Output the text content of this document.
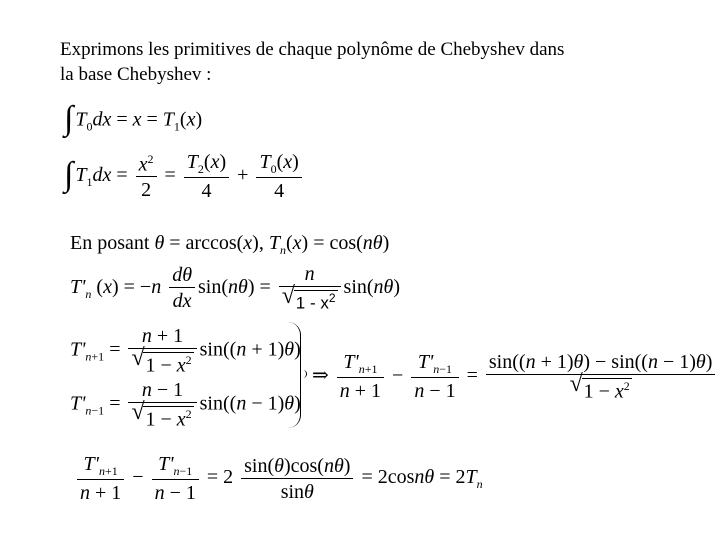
Exprimons les primitives de chaque polynôme de Chebyshev dans
la base Chebyshev :
∫ $T_0dx = x = T_1(x)$
∫ $T_1dx = \frac{x^2}{2} = \frac{T_2(x)}{4} + \frac{T_0(x)}{4}$
En posant θ = arccos(x), $T_n(x) = \cos(n\theta)$
$T'_n$ $(x) = -n \frac{d\theta}{dx} \sin(n\theta) = \frac{n}{√ 1 - x^2} \sin(n\theta)$
$T'_{n+1} = \frac{n + 1}{√ 1 - x^2} \sin((n + 1)\theta)$
$T'_{n-1} = \frac{n - 1}{√ 1 - x^2} \sin((n - 1)\theta)$
⇒ $\frac{T'_{n+1}}{n + 1} - \frac{T'_{n-1}}{n - 1} = \frac{\sin((n + 1)\theta) - \sin((n - 1)\theta)}{√ 1 - x^2}$
$\frac{T'_{n+1}}{n + 1} - \frac{T'_{n-1}}{n - 1} = 2 \frac{\sin(\theta)\cos(n\theta)}{\sin\theta} = 2\cos n\theta = 2T_n$
